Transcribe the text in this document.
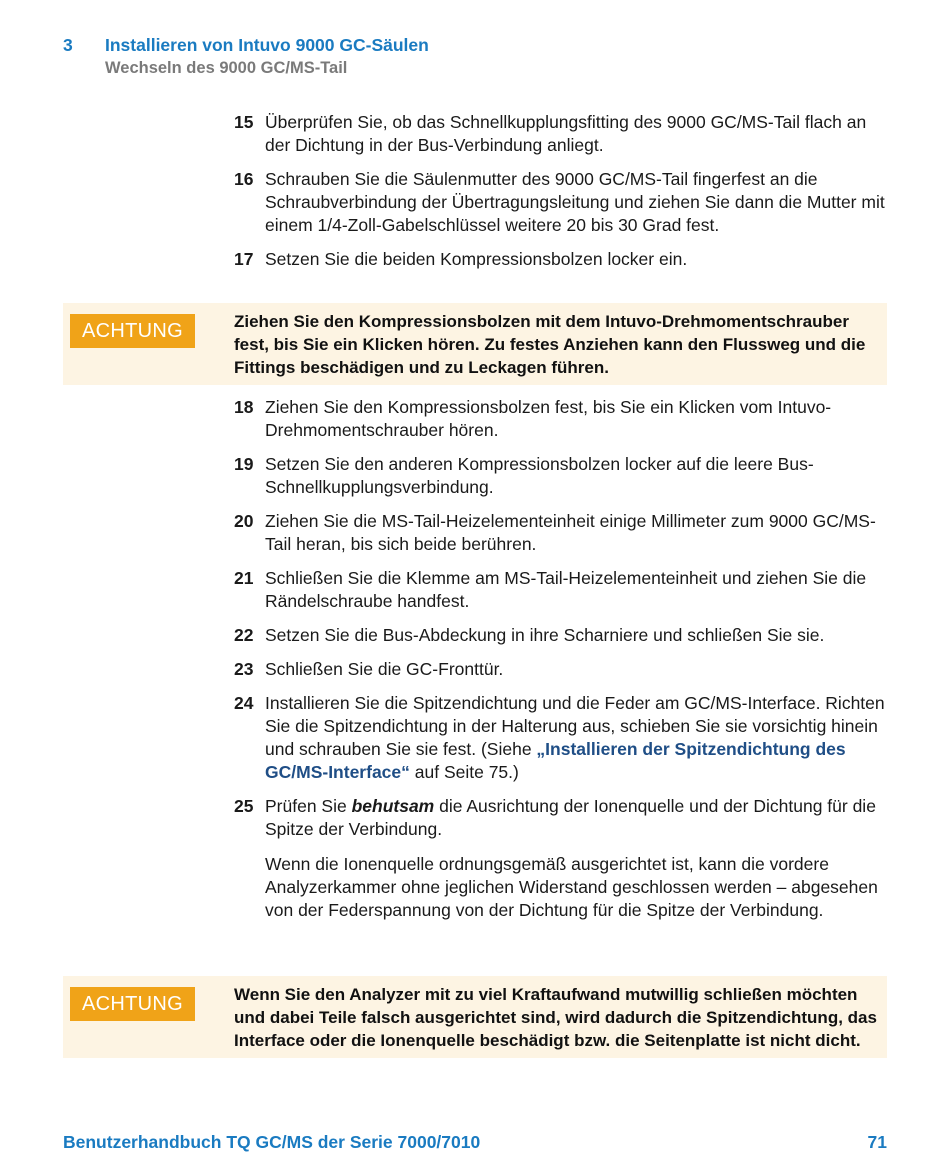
3	Installieren von Intuvo 9000 GC-Säulen
Wechseln des 9000 GC/MS-Tail
15 Überprüfen Sie, ob das Schnellkupplungsfitting des 9000 GC/MS-Tail flach an der Dichtung in der Bus-Verbindung anliegt.
16 Schrauben Sie die Säulenmutter des 9000 GC/MS-Tail fingerfest an die Schraubverbindung der Übertragungsleitung und ziehen Sie dann die Mutter mit einem 1/4-Zoll-Gabelschlüssel weitere 20 bis 30 Grad fest.
17 Setzen Sie die beiden Kompressionsbolzen locker ein.
ACHTUNG	Ziehen Sie den Kompressionsbolzen mit dem Intuvo-Drehmomentschrauber fest, bis Sie ein Klicken hören. Zu festes Anziehen kann den Flussweg und die Fittings beschädigen und zu Leckagen führen.
18 Ziehen Sie den Kompressionsbolzen fest, bis Sie ein Klicken vom Intuvo-Drehmomentschrauber hören.
19 Setzen Sie den anderen Kompressionsbolzen locker auf die leere Bus-Schnellkupplungsverbindung.
20 Ziehen Sie die MS-Tail-Heizelementeinheit einige Millimeter zum 9000 GC/MS-Tail heran, bis sich beide berühren.
21 Schließen Sie die Klemme am MS-Tail-Heizelementeinheit und ziehen Sie die Rändelschraube handfest.
22 Setzen Sie die Bus-Abdeckung in ihre Scharniere und schließen Sie sie.
23 Schließen Sie die GC-Fronttür.
24 Installieren Sie die Spitzendichtung und die Feder am GC/MS-Interface. Richten Sie die Spitzendichtung in der Halterung aus, schieben Sie sie vorsichtig hinein und schrauben Sie sie fest. (Siehe „Installieren der Spitzendichtung des GC/MS-Interface“ auf Seite 75.)
25 Prüfen Sie behutsam die Ausrichtung der Ionenquelle und der Dichtung für die Spitze der Verbindung.
Wenn die Ionenquelle ordnungsgemäß ausgerichtet ist, kann die vordere Analyzerkammer ohne jeglichen Widerstand geschlossen werden – abgesehen von der Federspannung von der Dichtung für die Spitze der Verbindung.
ACHTUNG	Wenn Sie den Analyzer mit zu viel Kraftaufwand mutwillig schließen möchten und dabei Teile falsch ausgerichtet sind, wird dadurch die Spitzendichtung, das Interface oder die Ionenquelle beschädigt bzw. die Seitenplatte ist nicht dicht.
Benutzerhandbuch TQ GC/MS der Serie 7000/7010	71
